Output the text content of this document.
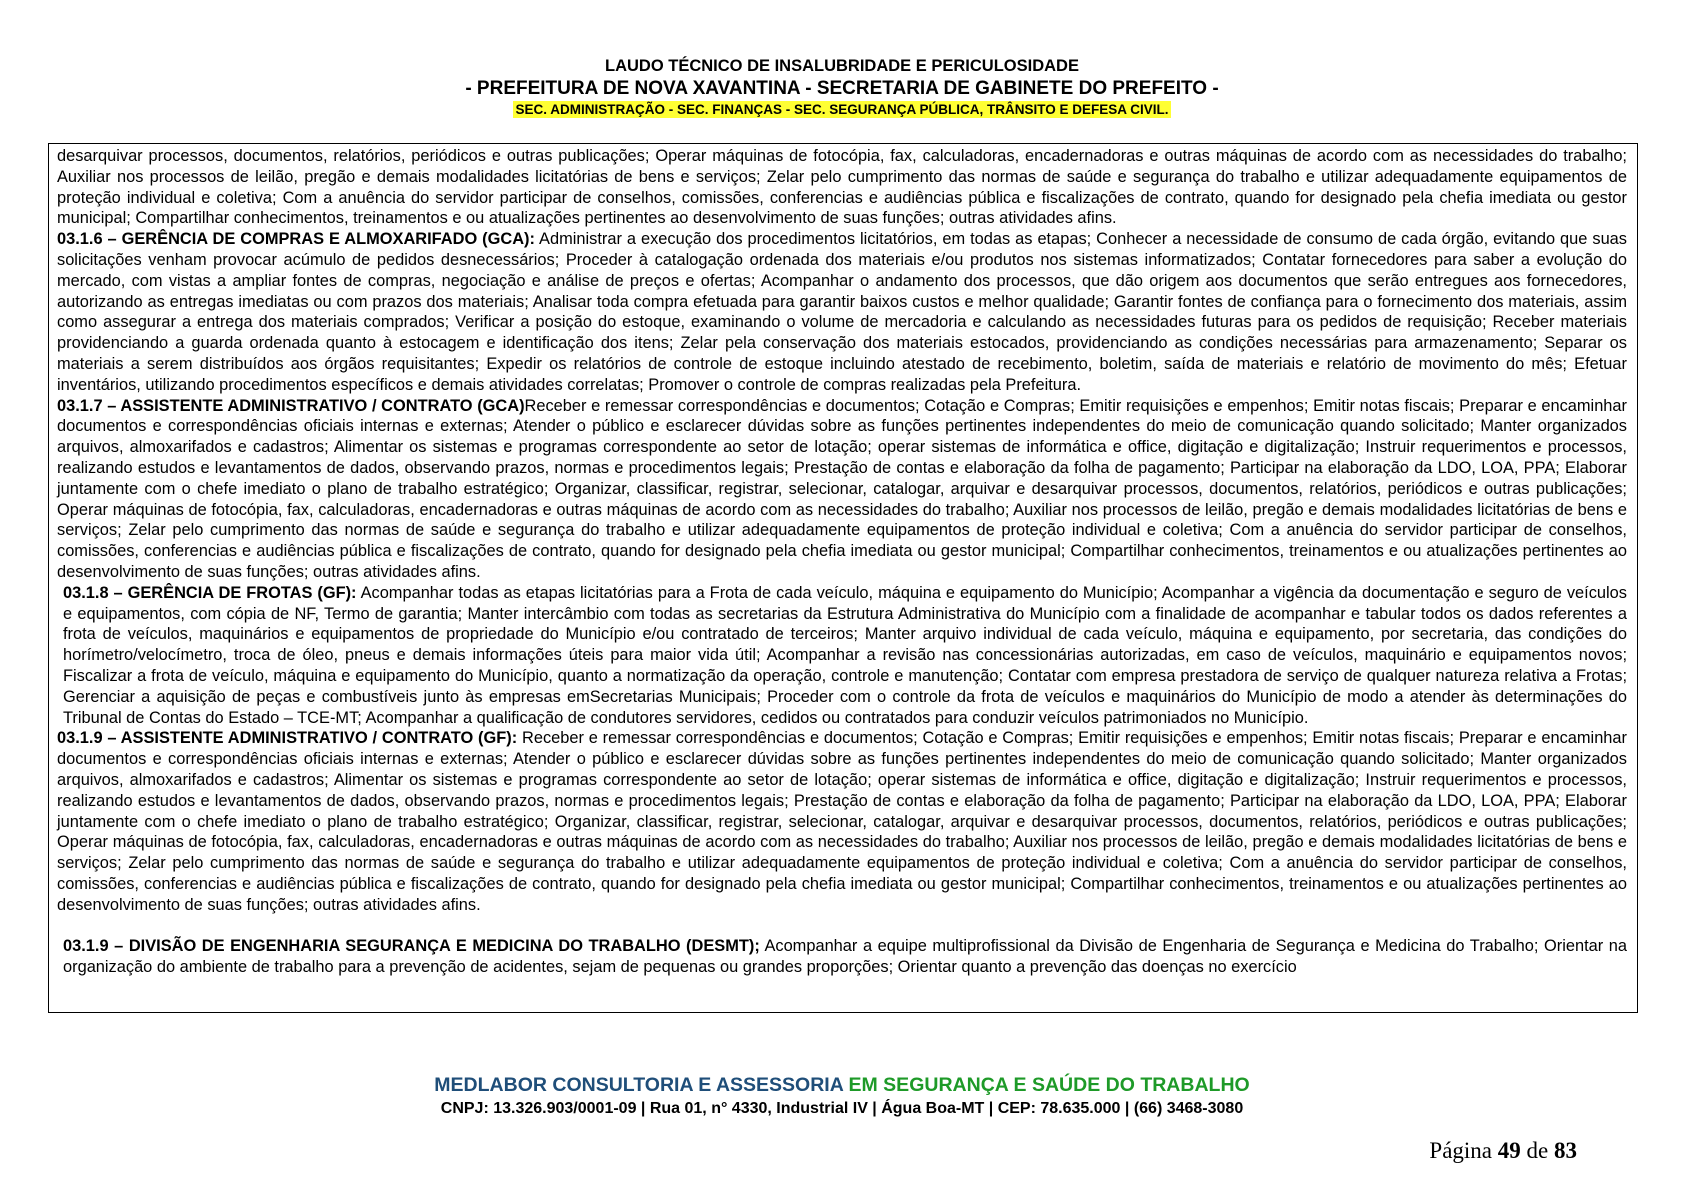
LAUDO TÉCNICO DE INSALUBRIDADE E PERICULOSIDADE
- PREFEITURA DE NOVA XAVANTINA - SECRETARIA DE GABINETE DO PREFEITO -
SEC. ADMINISTRAÇÃO - SEC. FINANÇAS - SEC. SEGURANÇA PÚBLICA, TRÂNSITO E DEFESA CIVIL.

desarquivar processos, documentos, relatórios, periódicos e outras publicações; Operar máquinas de fotocópia, fax, calculadoras, encadernadoras e outras máquinas de acordo com as necessidades do trabalho; Auxiliar nos processos de leilão, pregão e demais modalidades licitatórias de bens e serviços; Zelar pelo cumprimento das normas de saúde e segurança do trabalho e utilizar adequadamente equipamentos de proteção individual e coletiva; Com a anuência do servidor participar de conselhos, comissões, conferencias e audiências pública e fiscalizações de contrato, quando for designado pela chefia imediata ou gestor municipal; Compartilhar conhecimentos, treinamentos e ou atualizações pertinentes ao desenvolvimento de suas funções; outras atividades afins.

03.1.6 – GERÊNCIA DE COMPRAS E ALMOXARIFADO (GCA): Administrar a execução dos procedimentos licitatórios, em todas as etapas; Conhecer a necessidade de consumo de cada órgão, evitando que suas solicitações venham provocar acúmulo de pedidos desnecessários; Proceder à catalogação ordenada dos materiais e/ou produtos nos sistemas informatizados; Contatar fornecedores para saber a evolução do mercado, com vistas a ampliar fontes de compras, negociação e análise de preços e ofertas; Acompanhar o andamento dos processos, que dão origem aos documentos que serão entregues aos fornecedores, autorizando as entregas imediatas ou com prazos dos materiais; Analisar toda compra efetuada para garantir baixos custos e melhor qualidade; Garantir fontes de confiança para o fornecimento dos materiais, assim como assegurar a entrega dos materiais comprados; Verificar a posição do estoque, examinando o volume de mercadoria e calculando as necessidades futuras para os pedidos de requisição; Receber materiais providenciando a guarda ordenada quanto à estocagem e identificação dos itens; Zelar pela conservação dos materiais estocados, providenciando as condições necessárias para armazenamento; Separar os materiais a serem distribuídos aos órgãos requisitantes; Expedir os relatórios de controle de estoque incluindo atestado de recebimento, boletim, saída de materiais e relatório de movimento do mês; Efetuar inventários, utilizando procedimentos específicos e demais atividades correlatas; Promover o controle de compras realizadas pela Prefeitura.

03.1.7 – ASSISTENTE ADMINISTRATIVO / CONTRATO (GCA)Receber e remessar correspondências e documentos; Cotação e Compras; Emitir requisições e empenhos; Emitir notas fiscais; Preparar e encaminhar documentos e correspondências oficiais internas e externas; Atender o público e esclarecer dúvidas sobre as funções pertinentes independentes do meio de comunicação quando solicitado; Manter organizados arquivos, almoxarifados e cadastros; Alimentar os sistemas e programas correspondente ao setor de lotação; operar sistemas de informática e office, digitação e digitalização; Instruir requerimentos e processos, realizando estudos e levantamentos de dados, observando prazos, normas e procedimentos legais; Prestação de contas e elaboração da folha de pagamento; Participar na elaboração da LDO, LOA, PPA; Elaborar juntamente com o chefe imediato o plano de trabalho estratégico; Organizar, classificar, registrar, selecionar, catalogar, arquivar e desarquivar processos, documentos, relatórios, periódicos e outras publicações; Operar máquinas de fotocópia, fax, calculadoras, encadernadoras e outras máquinas de acordo com as necessidades do trabalho; Auxiliar nos processos de leilão, pregão e demais modalidades licitatórias de bens e serviços; Zelar pelo cumprimento das normas de saúde e segurança do trabalho e utilizar adequadamente equipamentos de proteção individual e coletiva; Com a anuência do servidor participar de conselhos, comissões, conferencias e audiências pública e fiscalizações de contrato, quando for designado pela chefia imediata ou gestor municipal; Compartilhar conhecimentos, treinamentos e ou atualizações pertinentes ao desenvolvimento de suas funções; outras atividades afins.

03.1.8 – GERÊNCIA DE FROTAS (GF): Acompanhar todas as etapas licitatórias para a Frota de cada veículo, máquina e equipamento do Município; Acompanhar a vigência da documentação e seguro de veículos e equipamentos, com cópia de NF, Termo de garantia; Manter intercâmbio com todas as secretarias da Estrutura Administrativa do Município com a finalidade de acompanhar e tabular todos os dados referentes a frota de veículos, maquinários e equipamentos de propriedade do Município e/ou contratado de terceiros; Manter arquivo individual de cada veículo, máquina e equipamento, por secretaria, das condições do horímetro/velocímetro, troca de óleo, pneus e demais informações úteis para maior vida útil; Acompanhar a revisão nas concessionárias autorizadas, em caso de veículos, maquinário e equipamentos novos; Fiscalizar a frota de veículo, máquina e equipamento do Município, quanto a normatização da operação, controle e manutenção; Contatar com empresa prestadora de serviço de qualquer natureza relativa a Frotas; Gerenciar a aquisição de peças e combustíveis junto às empresas emSecretarias Municipais; Proceder com o controle da frota de veículos e maquinários do Município de modo a atender às determinações do Tribunal de Contas do Estado – TCE-MT; Acompanhar a qualificação de condutores servidores, cedidos ou contratados para conduzir veículos patrimoniados no Município.

03.1.9 – ASSISTENTE ADMINISTRATIVO / CONTRATO (GF): Receber e remessar correspondências e documentos; Cotação e Compras; Emitir requisições e empenhos; Emitir notas fiscais; Preparar e encaminhar documentos e correspondências oficiais internas e externas; Atender o público e esclarecer dúvidas sobre as funções pertinentes independentes do meio de comunicação quando solicitado; Manter organizados arquivos, almoxarifados e cadastros; Alimentar os sistemas e programas correspondente ao setor de lotação; operar sistemas de informática e office, digitação e digitalização; Instruir requerimentos e processos, realizando estudos e levantamentos de dados, observando prazos, normas e procedimentos legais; Prestação de contas e elaboração da folha de pagamento; Participar na elaboração da LDO, LOA, PPA; Elaborar juntamente com o chefe imediato o plano de trabalho estratégico; Organizar, classificar, registrar, selecionar, catalogar, arquivar e desarquivar processos, documentos, relatórios, periódicos e outras publicações; Operar máquinas de fotocópia, fax, calculadoras, encadernadoras e outras máquinas de acordo com as necessidades do trabalho; Auxiliar nos processos de leilão, pregão e demais modalidades licitatórias de bens e serviços; Zelar pelo cumprimento das normas de saúde e segurança do trabalho e utilizar adequadamente equipamentos de proteção individual e coletiva; Com a anuência do servidor participar de conselhos, comissões, conferencias e audiências pública e fiscalizações de contrato, quando for designado pela chefia imediata ou gestor municipal; Compartilhar conhecimentos, treinamentos e ou atualizações pertinentes ao desenvolvimento de suas funções; outras atividades afins.

03.1.9 – DIVISÃO DE ENGENHARIA SEGURANÇA E MEDICINA DO TRABALHO (DESMT); Acompanhar a equipe multiprofissional da Divisão de Engenharia de Segurança e Medicina do Trabalho; Orientar na organização do ambiente de trabalho para a prevenção de acidentes, sejam de pequenas ou grandes proporções; Orientar quanto a prevenção das doenças no exercício

MEDLABOR CONSULTORIA E ASSESSORIA EM SEGURANÇA E SAÚDE DO TRABALHO
CNPJ: 13.326.903/0001-09 | Rua 01, n° 4330, Industrial IV | Água Boa-MT | CEP: 78.635.000 | (66) 3468-3080
Página 49 de 83
